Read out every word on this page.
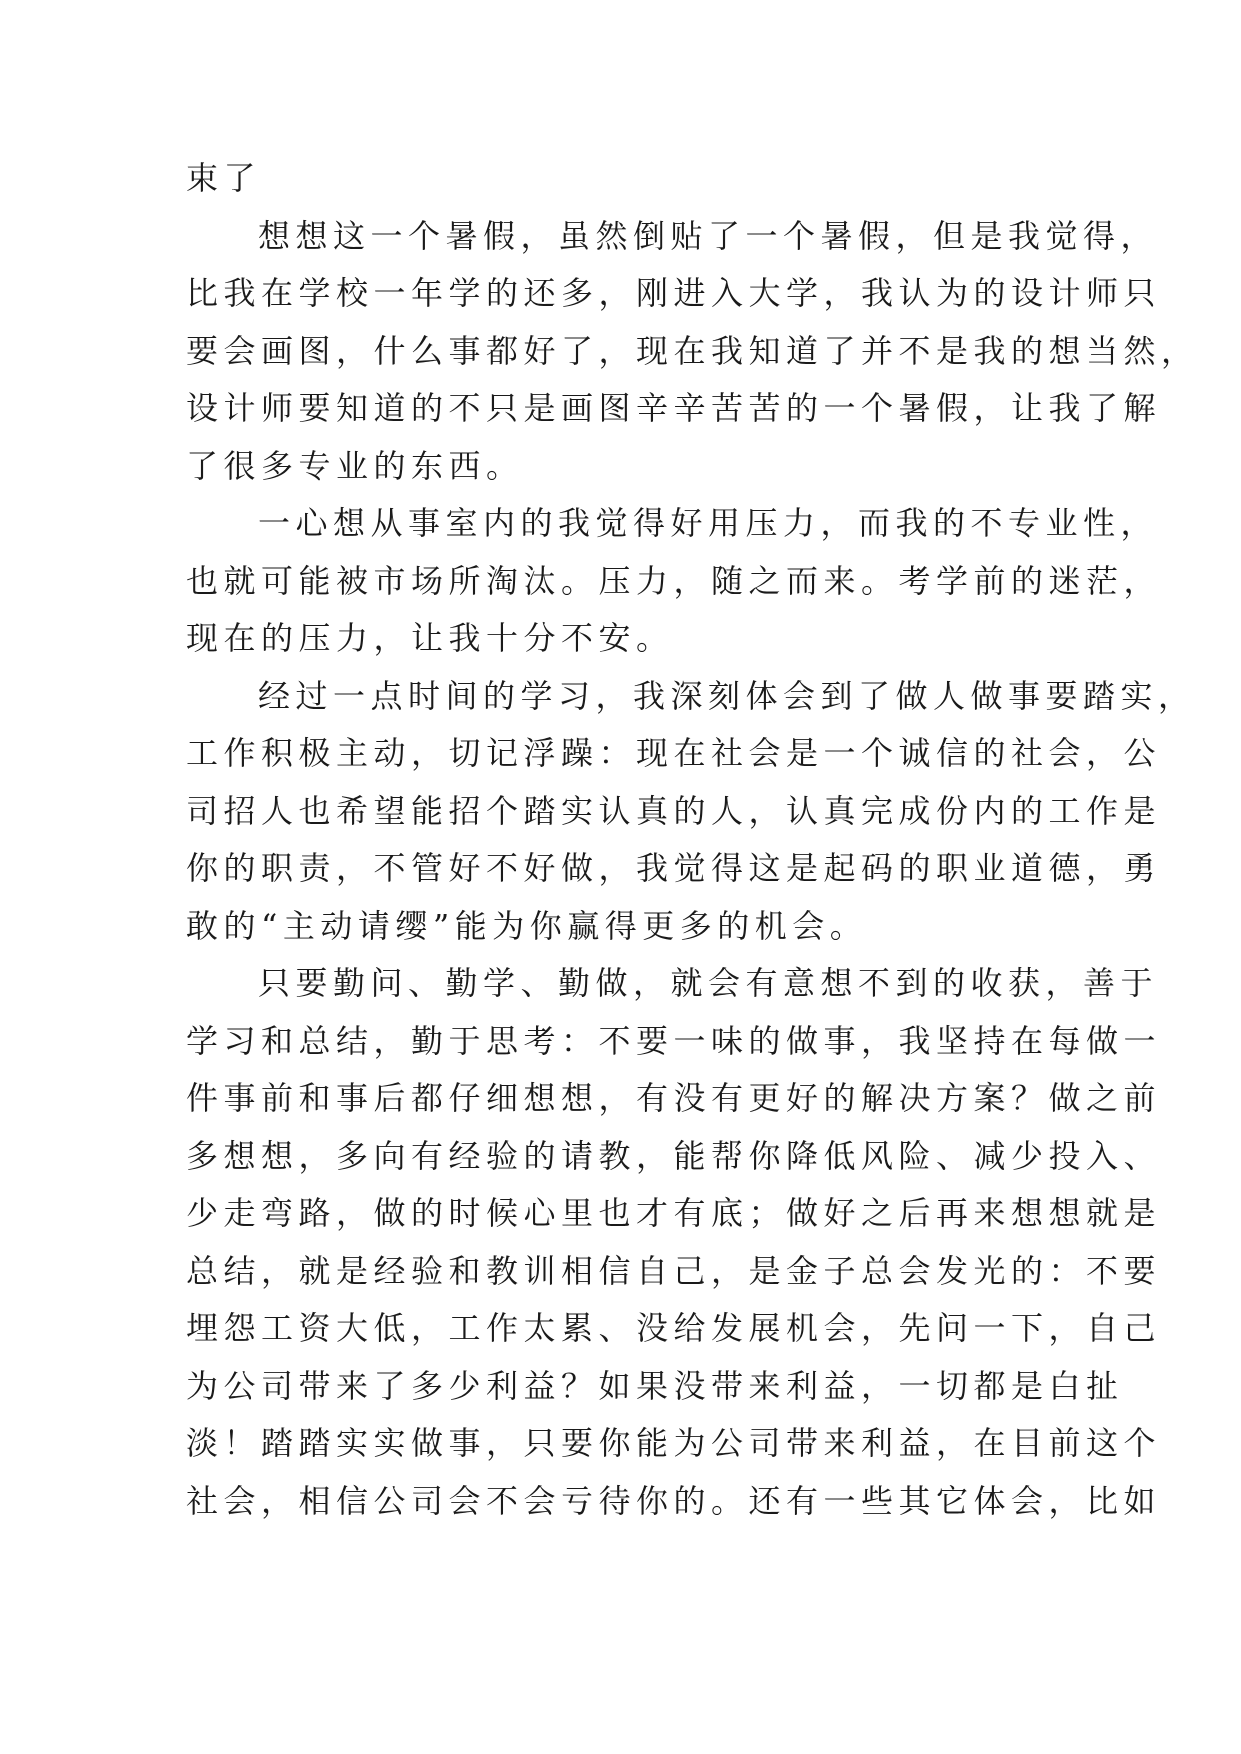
束了
想想这一个暑假，虽然倒贴了一个暑假，但是我觉得，
比我在学校一年学的还多，刚进入大学，我认为的设计师只
要会画图，什么事都好了，现在我知道了并不是我的想当然，
设计师要知道的不只是画图辛辛苦苦的一个暑假，让我了解
了很多专业的东西。
一心想从事室内的我觉得好用压力，而我的不专业性，
也就可能被市场所淘汰。压力，随之而来。考学前的迷茫，
现在的压力，让我十分不安。
经过一点时间的学习，我深刻体会到了做人做事要踏实，
工作积极主动，切记浮躁：现在社会是一个诚信的社会，公
司招人也希望能招个踏实认真的人，认真完成份内的工作是
你的职责，不管好不好做，我觉得这是起码的职业道德，勇
敢的“主动请缨”能为你赢得更多的机会。
只要勤问、勤学、勤做，就会有意想不到的收获，善于
学习和总结，勤于思考：不要一味的做事，我坚持在每做一
件事前和事后都仔细想想，有没有更好的解决方案？做之前
多想想，多向有经验的请教，能帮你降低风险、减少投入、
少走弯路，做的时候心里也才有底；做好之后再来想想就是
总结，就是经验和教训相信自己，是金子总会发光的：不要
埋怨工资大低，工作太累、没给发展机会，先问一下，自己
为公司带来了多少利益？如果没带来利益，一切都是白扯
淡！踏踏实实做事，只要你能为公司带来利益，在目前这个
社会，相信公司会不会亏待你的。还有一些其它体会，比如
